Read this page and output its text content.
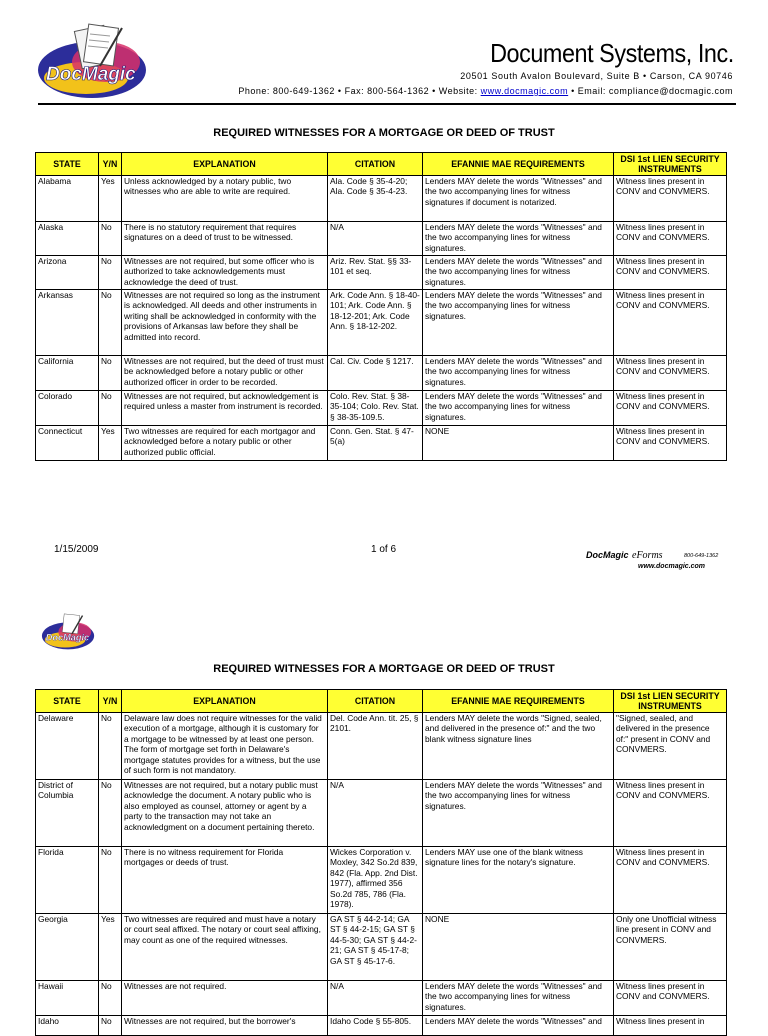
DocMagic
Document Systems, Inc.
20501 South Avalon Boulevard, Suite B • Carson, CA 90746
Phone: 800-649-1362 • Fax: 800-564-1362 • Website: www.docmagic.com • Email: compliance@docmagic.com
REQUIRED WITNESSES FOR A MORTGAGE OR DEED OF TRUST
STATE	Y/N	EXPLANATION	CITATION	EFANNIE MAE REQUIREMENTS	DSI 1st LIEN SECURITY INSTRUMENTS
Alabama	Yes	Unless acknowledged by a notary public, two witnesses who are able to write are required.	Ala. Code § 35-4-20; Ala. Code § 35-4-23.	Lenders MAY delete the words "Witnesses" and the two accompanying lines for witness signatures if document is notarized.	Witness lines present in CONV and CONVMERS.
Alaska	No	There is no statutory requirement that requires signatures on a deed of trust to be witnessed.	N/A	Lenders MAY delete the words "Witnesses" and the two accompanying lines for witness signatures.	Witness lines present in CONV and CONVMERS.
Arizona	No	Witnesses are not required, but some officer who is authorized to take acknowledgements must acknowledge the deed of trust.	Ariz. Rev. Stat. §§ 33-101 et seq.	Lenders MAY delete the words "Witnesses" and the two accompanying lines for witness signatures.	Witness lines present in CONV and CONVMERS.
Arkansas	No	Witnesses are not required so long as the instrument is acknowledged. All deeds and other instruments in writing shall be acknowledged in conformity with the provisions of Arkansas law before they shall be admitted into record.	Ark. Code Ann. § 18-40-101; Ark. Code Ann. § 18-12-201; Ark. Code Ann. § 18-12-202.	Lenders MAY delete the words "Witnesses" and the two accompanying lines for witness signatures.	Witness lines present in CONV and CONVMERS.
California	No	Witnesses are not required, but the deed of trust must be acknowledged before a notary public or other authorized officer in order to be recorded.	Cal. Civ. Code § 1217.	Lenders MAY delete the words "Witnesses" and the two accompanying lines for witness signatures.	Witness lines present in CONV and CONVMERS.
Colorado	No	Witnesses are not required, but acknowledgement is required unless a master from instrument is recorded.	Colo. Rev. Stat. § 38-35-104; Colo. Rev. Stat. § 38-35-109.5.	Lenders MAY delete the words "Witnesses" and the two accompanying lines for witness signatures.	Witness lines present in CONV and CONVMERS.
Connecticut	Yes	Two witnesses are required for each mortgagor and acknowledged before a notary public or other authorized public official.	Conn. Gen. Stat. § 47-5(a)	NONE	Witness lines present in CONV and CONVMERS.
1/15/2009	1 of 6	DocMagic eForms	800-649-1362
www.docmagic.com
DocMagic
REQUIRED WITNESSES FOR A MORTGAGE OR DEED OF TRUST
STATE	Y/N	EXPLANATION	CITATION	EFANNIE MAE REQUIREMENTS	DSI 1st LIEN SECURITY INSTRUMENTS
Delaware	No	Delaware law does not require witnesses for the valid execution of a mortgage, although it is customary for a mortgage to be witnessed by at least one person. The form of mortgage set forth in Delaware's mortgage statutes provides for a witness, but the use of such form is not mandatory.	Del. Code Ann. tit. 25, § 2101.	Lenders MAY delete the words "Signed, sealed, and delivered in the presence of:" and the two blank witness signature lines	"Signed, sealed, and delivered in the presence of:" present in CONV and CONVMERS.
District of Columbia	No	Witnesses are not required, but a notary public must acknowledge the document. A notary public who is also employed as counsel, attorney or agent by a party to the transaction may not take an acknowledgment on a document pertaining thereto.	N/A	Lenders MAY delete the words "Witnesses" and the two accompanying lines for witness signatures.	Witness lines present in CONV and CONVMERS.
Florida	No	There is no witness requirement for Florida mortgages or deeds of trust.	Wickes Corporation v. Moxley, 342 So.2d 839, 842 (Fla. App. 2nd Dist. 1977), affirmed 356 So.2d 785, 786 (Fla. 1978).	Lenders MAY use one of the blank witness signature lines for the notary's signature.	Witness lines present in CONV and CONVMERS.
Georgia	Yes	Two witnesses are required and must have a notary or court seal affixed. The notary or court seal affixing, may count as one of the required witnesses.	GA ST § 44-2-14; GA ST § 44-2-15; GA ST § 44-5-30; GA ST § 44-2-21; GA ST § 45-17-8; GA ST § 45-17-6.	NONE	Only one Unofficial witness line present in CONV and CONVMERS.
Hawaii	No	Witnesses are not required.	N/A	Lenders MAY delete the words "Witnesses" and the two accompanying lines for witness signatures.	Witness lines present in CONV and CONVMERS.
Idaho	No	Witnesses are not required, but the borrower's	Idaho Code § 55-805.	Lenders MAY delete the words "Witnesses" and	Witness lines present in
